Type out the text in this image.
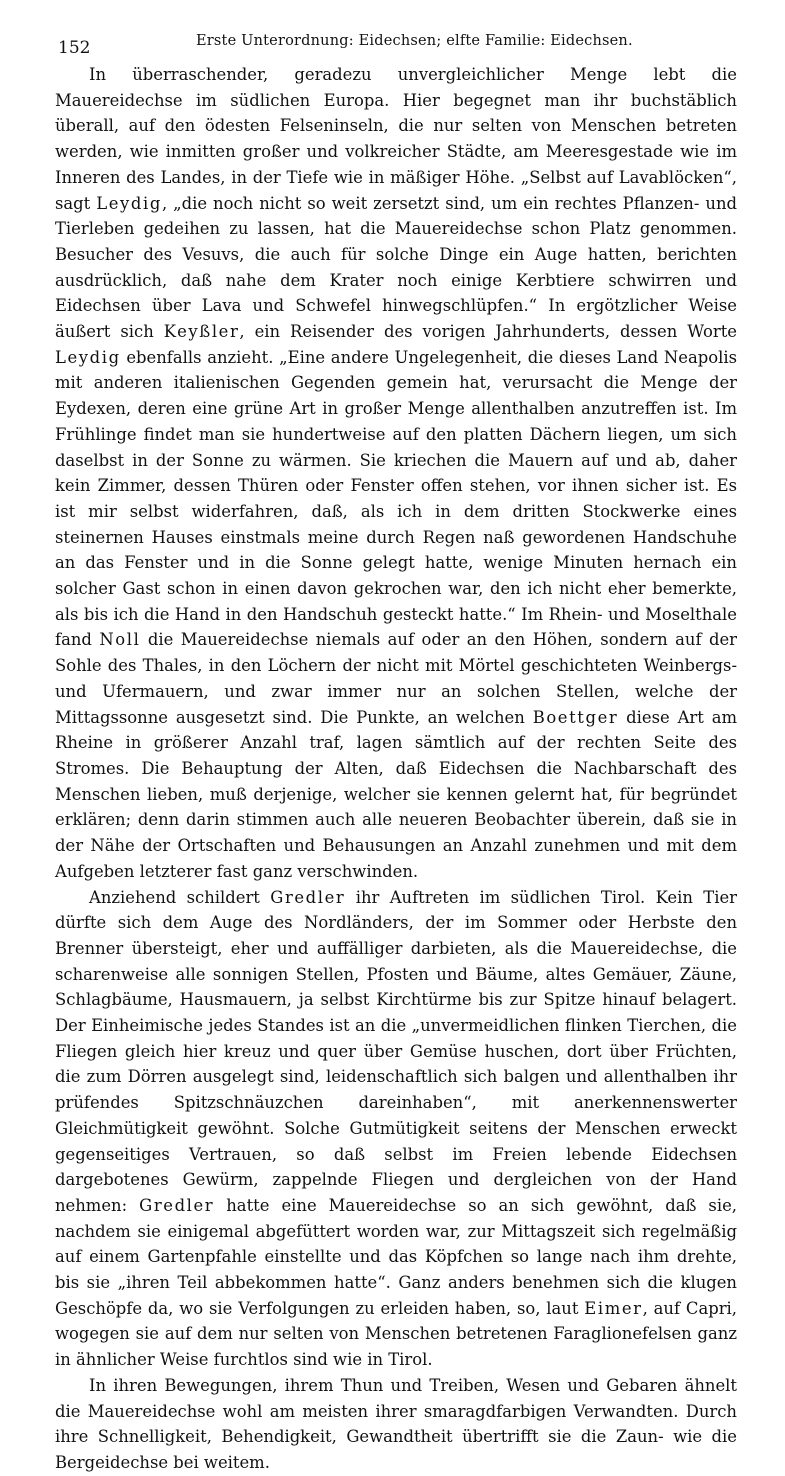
152	Erste Unterordnung: Eidechsen; elfte Familie: Eidechsen.

In überraschender, geradezu unvergleichlicher Menge lebt die Mauereidechse im südlichen Europa. Hier begegnet man ihr buchstäblich überall, auf den ödesten Felseninseln, die nur selten von Menschen betreten werden, wie inmitten großer und volkreicher Städte, am Meeresgestade wie im Inneren des Landes, in der Tiefe wie in mäßiger Höhe. „Selbst auf Lavablöcken“, sagt Leydig, „die noch nicht so weit zersetzt sind, um ein rechtes Pflanzen- und Tierleben gedeihen zu lassen, hat die Mauereidechse schon Platz genommen. Besucher des Vesuvs, die auch für solche Dinge ein Auge hatten, berichten ausdrücklich, daß nahe dem Krater noch einige Kerbtiere schwirren und Eidechsen über Lava und Schwefel hinwegschlüpfen.“ In ergötzlicher Weise äußert sich Keyßler, ein Reisender des vorigen Jahrhunderts, dessen Worte Leydig ebenfalls anzieht. „Eine andere Ungelegenheit, die dieses Land Neapolis mit anderen italienischen Gegenden gemein hat, verursacht die Menge der Eydexen, deren eine grüne Art in großer Menge allenthalben anzutreffen ist. Im Frühlinge findet man sie hundertweise auf den platten Dächern liegen, um sich daselbst in der Sonne zu wärmen. Sie kriechen die Mauern auf und ab, daher kein Zimmer, dessen Thüren oder Fenster offen stehen, vor ihnen sicher ist. Es ist mir selbst widerfahren, daß, als ich in dem dritten Stockwerke eines steinernen Hauses einstmals meine durch Regen naß gewordenen Handschuhe an das Fenster und in die Sonne gelegt hatte, wenige Minuten hernach ein solcher Gast schon in einen davon gekrochen war, den ich nicht eher bemerkte, als bis ich die Hand in den Handschuh gesteckt hatte.“ Im Rhein- und Moselthale fand Noll die Mauereidechse niemals auf oder an den Höhen, sondern auf der Sohle des Thales, in den Löchern der nicht mit Mörtel geschichteten Weinbergs- und Ufermauern, und zwar immer nur an solchen Stellen, welche der Mittagssonne ausgesetzt sind. Die Punkte, an welchen Boettger diese Art am Rheine in größerer Anzahl traf, lagen sämtlich auf der rechten Seite des Stromes. Die Behauptung der Alten, daß Eidechsen die Nachbarschaft des Menschen lieben, muß derjenige, welcher sie kennen gelernt hat, für begründet erklären; denn darin stimmen auch alle neueren Beobachter überein, daß sie in der Nähe der Ortschaften und Behausungen an Anzahl zunehmen und mit dem Aufgeben letzterer fast ganz verschwinden.

Anziehend schildert Gredler ihr Auftreten im südlichen Tirol. Kein Tier dürfte sich dem Auge des Nordländers, der im Sommer oder Herbste den Brenner übersteigt, eher und auffälliger darbieten, als die Mauereidechse, die scharenweise alle sonnigen Stellen, Pfosten und Bäume, altes Gemäuer, Zäune, Schlagbäume, Hausmauern, ja selbst Kirchtürme bis zur Spitze hinauf belagert. Der Einheimische jedes Standes ist an die „unvermeidlichen flinken Tierchen, die Fliegen gleich hier kreuz und quer über Gemüse huschen, dort über Früchten, die zum Dörren ausgelegt sind, leidenschaftlich sich balgen und allenthalben ihr prüfendes Spitzschnäuzchen dareinhaben“, mit anerkennenswerter Gleichmütigkeit gewöhnt. Solche Gutmütigkeit seitens der Menschen erweckt gegenseitiges Vertrauen, so daß selbst im Freien lebende Eidechsen dargebotenes Gewürm, zappelnde Fliegen und dergleichen von der Hand nehmen: Gredler hatte eine Mauereidechse so an sich gewöhnt, daß sie, nachdem sie einigemal abgefüttert worden war, zur Mittagszeit sich regelmäßig auf einem Gartenpfahle einstellte und das Köpfchen so lange nach ihm drehte, bis sie „ihren Teil abbekommen hatte“. Ganz anders benehmen sich die klugen Geschöpfe da, wo sie Verfolgungen zu erleiden haben, so, laut Eimer, auf Capri, wogegen sie auf dem nur selten von Menschen betretenen Faraglionefelsen ganz in ähnlicher Weise furchtlos sind wie in Tirol.

In ihren Bewegungen, ihrem Thun und Treiben, Wesen und Gebaren ähnelt die Mauereidechse wohl am meisten ihrer smaragdfarbigen Verwandten. Durch ihre Schnelligkeit, Behendigkeit, Gewandtheit übertrifft sie die Zaun- wie die Bergeidechse bei weitem.
